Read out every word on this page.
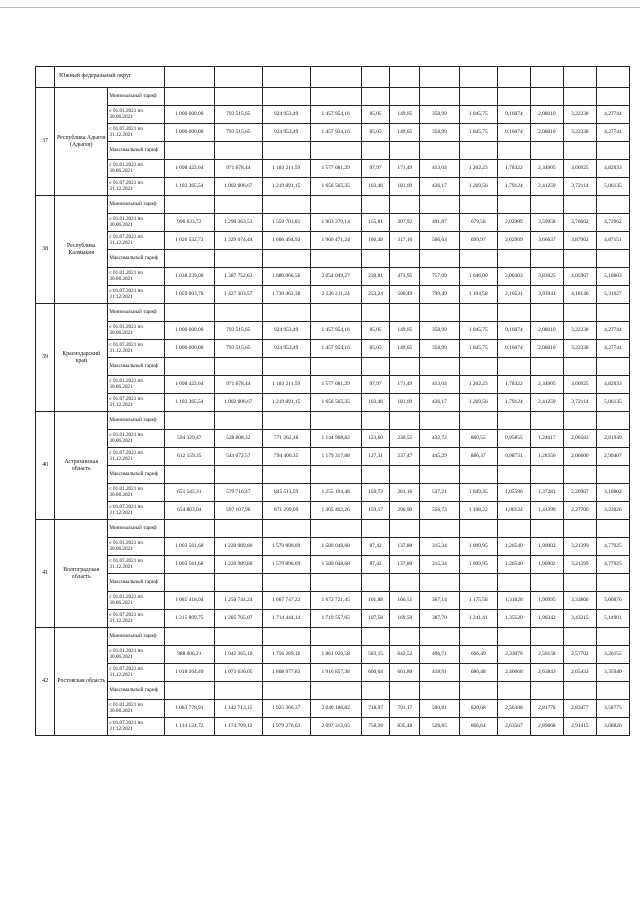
	Южный федеральный округ													
37	Республика Адыгея (Адыгея)	Минимальный тариф												
		с 01.01.2021 по 30.06.2021	1 000 000,00	793 515,65	924 953,49	1 457 954,16	85,05	149,05	358,99	1 045,75	0,16074	2,08010	3,22338	4,27744
		с 01.07.2021 по 31.12.2021	1 000 000,00	793 515,65	924 953,49	1 457 934,16	85,05	149,05	358,99	1 045,75	0,16074	2,08010	3,22338	4,27744
		Максимальный тариф												
		с 01.01.2021 по 30.06.2021	1 098 422,64	971 878,44	1 183 211,59	1 577 681,29	97,97	171,49	413,04	1 202,23	1,78322	2,34005	3,60925	4,82033
		с 01.07.2021 по 31.12.2021	1 103 365,54	1 002 006,67	1 219 891,15	1 656 565,35	103,46	181,09	436,17	1 269,56	1,79124	2,41259	3,72114	5,06135
38	Республика Калмыкия	Минимальный тариф												
		с 01.01.2021 по 30.06.2021	996 633,72	1 290 363,53	1 559 703,81	1 903 370,14	155,81	307,92	491,87	679,58	2,02909	3,59958	3,76662	4,72962
		с 01.07.2021 по 31.12.2021	1 026 532,73	1 329 074,44	1 606 494,92	1 960 471,24	160,48	317,16	506,63	699,97	2,02909	3,66637	3,87962	4,87151
		Максимальный тариф												
		с 01.01.2021 по 30.06.2021	1 038 239,00	1 387 752,62	1 680 066,56	2 054 049,27	239,81	473,95	757,09	1 046,00	2,06403	3,83025	4,05967	5,10603
		с 01.07.2021 по 31.12.2021	1 059 003,78	1 427 303,57	1 730 462,38	2 136 211,24	253,24	500,49	799,49	1 104,58	2,10531	3,93941	4,18146	5,31027
39	Краснодарский край	Минимальный тариф												
		с 01.01.2021 по 30.06.2021	1 000 000,00	793 515,65	924 953,49	1 457 954,16	85,05	149,05	358,99	1 045,75	0,16074	2,08010	3,22338	4,27744
		с 01.07.2021 по 31.12.2021	1 000 000,00	793 515,65	924 953,49	1 457 954,16	85,05	149,05	358,99	1 045,75	0,16074	2,08010	3,22338	4,27744
		Максимальный тариф												
		с 01.01.2021 по 30.06.2021	1 098 422,64	971 878,44	1 183 211,59	1 577 681,29	97,97	171,49	413,04	1 202,23	1,78322	2,34005	3,60925	4,82033
		с 01.07.2021 по 31.12.2021	1 103 365,54	1 002 006,67	1 219 891,15	1 656 565,35	103,46	181,09	436,17	1 269,56	1,79124	2,41259	3,72114	5,06135
40	Астраханская область	Минимальный тариф												
		с 01.01.2021 по 30.06.2021	594 329,47	528 808,32	771 262,48	1 144 968,82	123,60	230,55	432,72	860,55	0,95855	1,24617	2,00583	2,81949
		с 01.07.2021 по 31.12.2021	612 159,35	544 672,57	794 400,35	1 179 317,88	127,31	237,47	445,29	886,37	0,98731	1,28356	2,06600	2,90407
		Максимальный тариф												
		с 01.01.2021 по 30.06.2021	651 545,31	579 716,47	845 511,59	1 255 194,48	150,73	281,16	527,21	1 049,45	1,05596	1,37281	2,20967	3,10602
		с 01.07.2021 по 31.12.2021	654 803,04	597 107,96	871 299,69	1 305 402,26	159,17	296,90	556,73	1 108,22	1,06124	1,41399	2,27706	3,23026
41	Волгоградская область	Минимальный тариф												
		с 01.01.2021 по 30.06.2021	1 003 561,68	1 220 989,80	1 579 896,09	1 580 048,68	87,42	137,80	315,34	1 009,95	1,26540	1,90902	3,21399	4,77925
		с 01.07.2021 по 31.12.2021	1 003 561,68	1 220 989,80	1 579 896,09	1 580 048,68	87,42	137,80	315,34	1 009,95	1,26540	1,90902	3,21399	4,77925
		Максимальный тариф												
		с 01.01.2021 по 30.06.2021	1 085 418,04	1 250 744,24	1 667 747,22	1 672 721,45	101,88	160,51	367,14	1 175,58	1,31828	1,90995	3,33866	5,00876
		с 01.07.2021 по 31.12.2021	1 315 809,75	1 285 765,07	1 714 444,14	1 719 557,65	107,58	169,50	387,70	1 241,41	1,35520	1,96342	3,43215	5,14901
42	Ростовская область	Минимальный тариф												
		с 01.01.2021 по 30.06.2021	988 606,21	1 042 365,10	1 756 289,16	1 861 026,58	583,15	642,52	406,71	666,49	2,33076	2,56158	2,57702	3,26155
		с 01.07.2021 по 31.12.2021	1 018 264,40	1 073 636,05	1 808 977,83	1 916 857,38	600,64	661,80	418,91	686,48	2,40068	2,63843	2,65433	3,35940
		Максимальный тариф												
		с 01.01.2021 по 30.06.2021	1 083 778,91	1 142 713,15	1 925 366,37	2 040 186,82	718,07	791,17	500,81	820,68	2,56388	2,81778	2,83477	3,58775
		с 01.07.2021 по 31.12.2021	1 114 124,72	1 174 709,12	1 979 276,63	2 097 312,05	758,28	835,48	528,85	866,64	2,63567	2,89668	2,91415	3,68820
